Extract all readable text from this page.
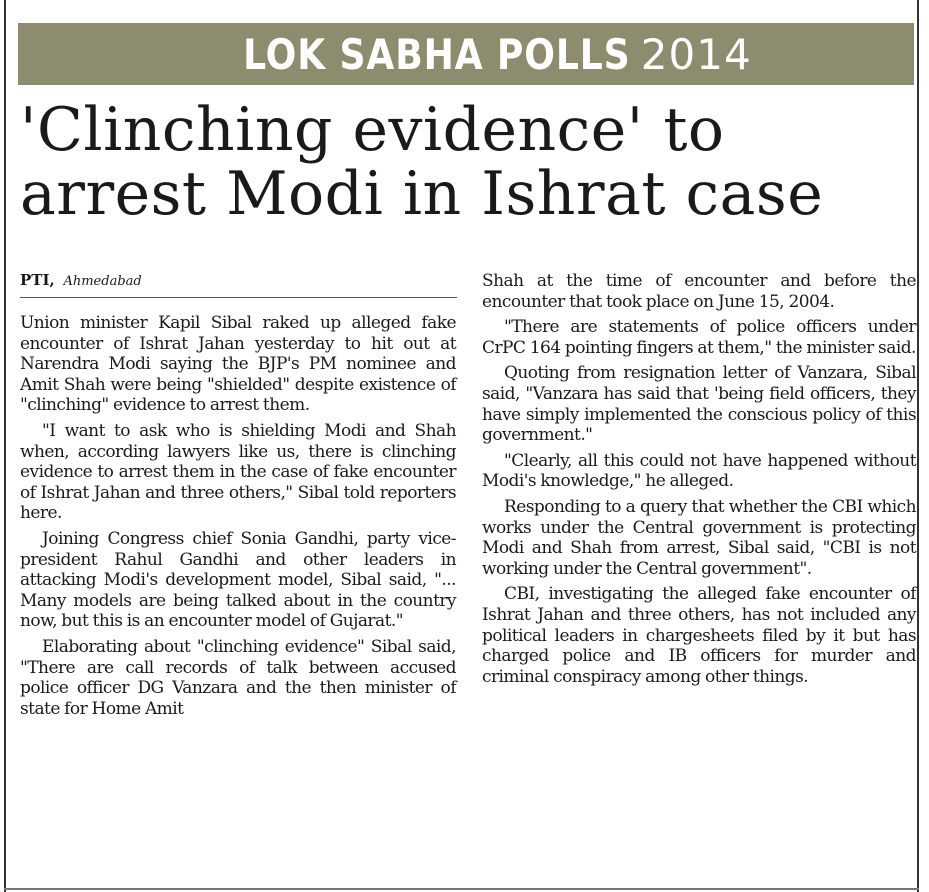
LOK SABHA POLLS 2014
'Clinching evidence' to
arrest Modi in Ishrat case
PTI, Ahmedabad

Union minister Kapil Sibal raked up alleged fake encounter of Ishrat Jahan yesterday to hit out at Narendra Modi saying the BJP's PM nominee and Amit Shah were being "shielded" despite existence of "clinching" evidence to arrest them.

"I want to ask who is shielding Modi and Shah when, according lawyers like us, there is clinching evidence to arrest them in the case of fake encounter of Ishrat Jahan and three others," Sibal told reporters here.

Joining Congress chief Sonia Gandhi, party vice-president Rahul Gandhi and other leaders in attacking Modi's development model, Sibal said, "... Many models are being talked about in the country now, but this is an encounter model of Gujarat."

Elaborating about "clinching evidence" Sibal said, "There are call records of talk between accused police officer DG Vanzara and the then minister of state for Home Amit

Shah at the time of encounter and before the encounter that took place on June 15, 2004.

"There are statements of police officers under CrPC 164 pointing fingers at them," the minister said.

Quoting from resignation letter of Vanzara, Sibal said, "Vanzara has said that 'being field officers, they have simply implemented the conscious policy of this government."

"Clearly, all this could not have happened without Modi's knowledge," he alleged.

Responding to a query that whether the CBI which works under the Central government is protecting Modi and Shah from arrest, Sibal said, "CBI is not working under the Central government".

CBI, investigating the alleged fake encounter of Ishrat Jahan and three others, has not included any political leaders in chargesheets filed by it but has charged police and IB officers for murder and criminal conspiracy among other things.
